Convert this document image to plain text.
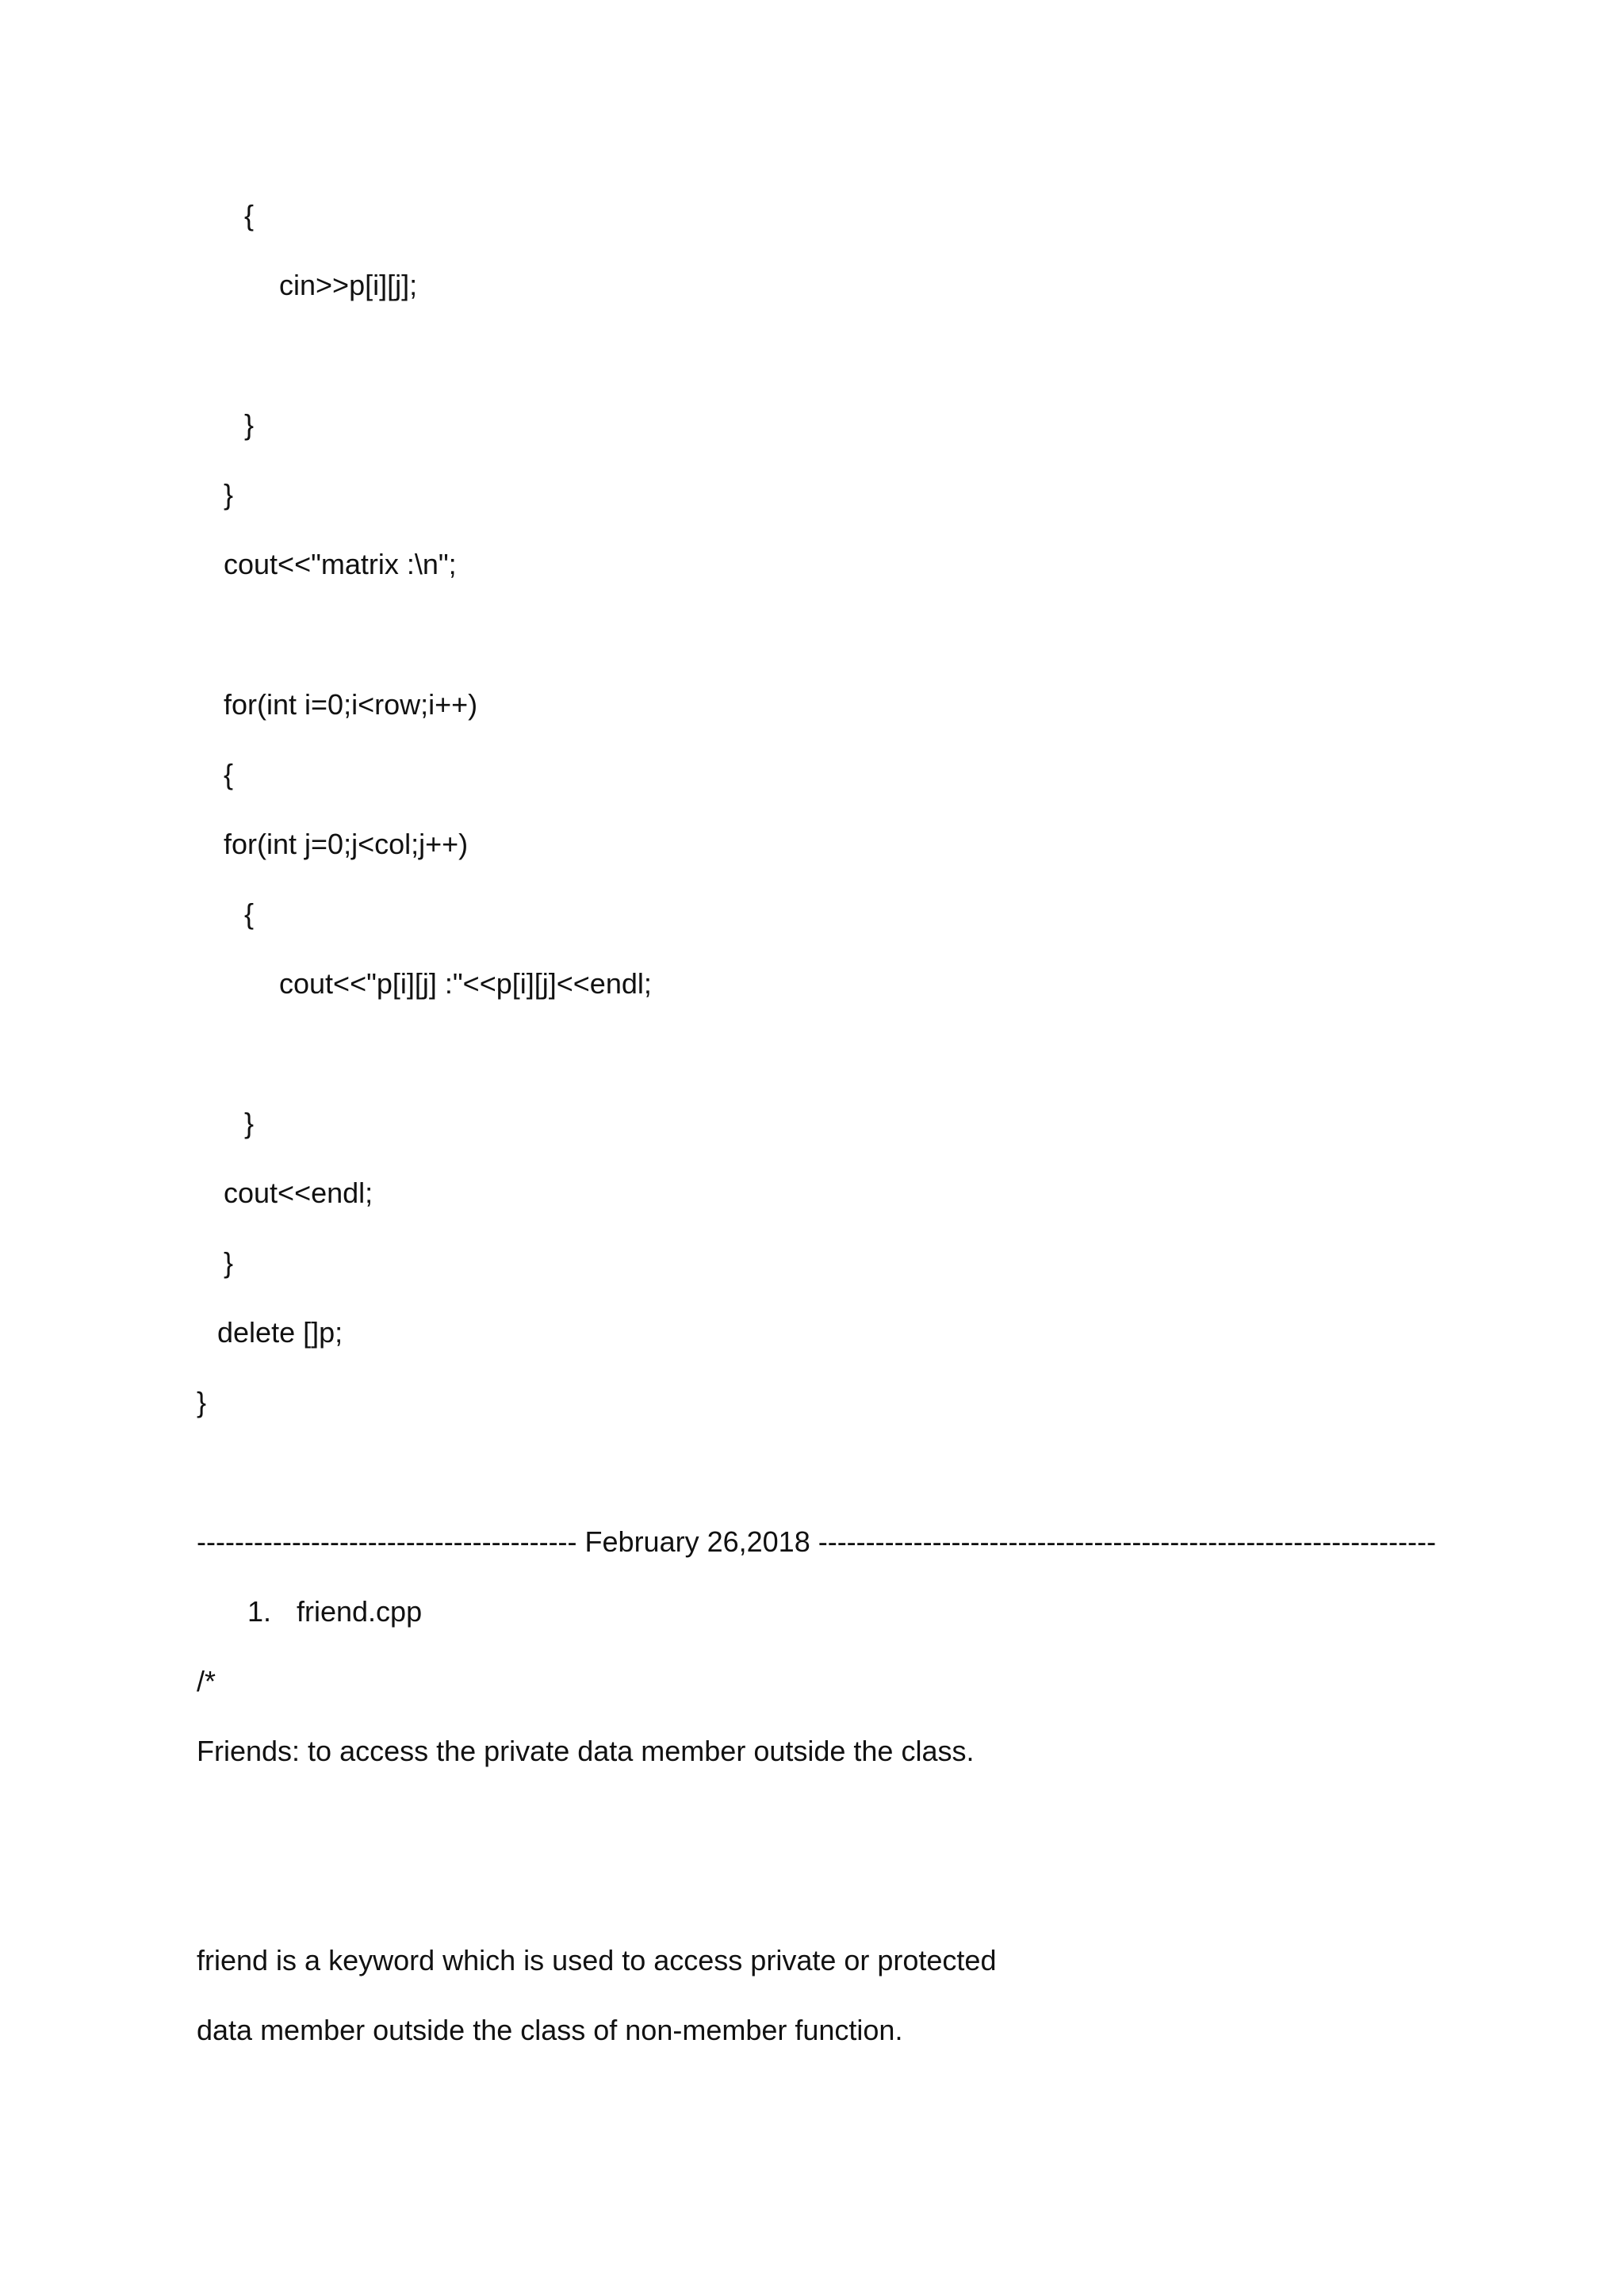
{
cin>>p[i][j];
}
}
cout<<"matrix :\n";
for(int i=0;i<row;i++)
{
for(int j=0;j<col;j++)
{
cout<<"p[i][j] :"<<p[i][j]<<endl;
}
cout<<endl;
}
delete []p;
}
---------------------------------------- February 26,2018 -----------------------------------------------------------------
1. friend.cpp
/*
Friends: to access the private data member outside the class.
friend is a keyword which is used to access private or protected
data member outside the class of non-member function.
